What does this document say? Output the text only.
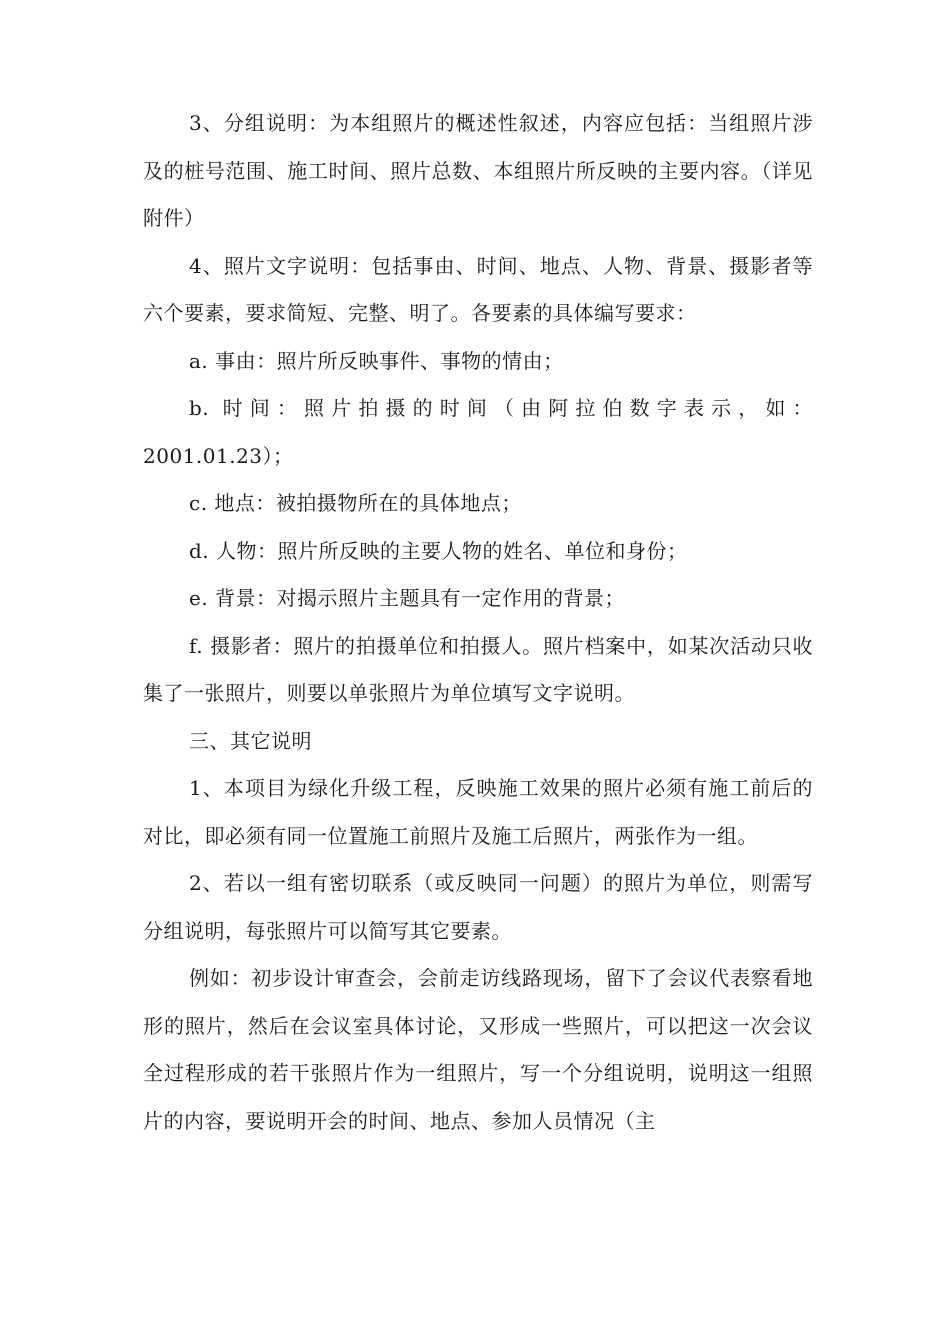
3、分组说明：为本组照片的概述性叙述，内容应包括：当组照片涉及的桩号范围、施工时间、照片总数、本组照片所反映的主要内容。（详见附件）

4、照片文字说明：包括事由、时间、地点、人物、背景、摄影者等六个要素，要求简短、完整、明了。各要素的具体编写要求：

a. 事由：照片所反映事件、事物的情由；

b. 时间：照片拍摄的时间（由阿拉伯数字表示，如：2001.01.23）；

c. 地点：被拍摄物所在的具体地点；

d. 人物：照片所反映的主要人物的姓名、单位和身份；

e. 背景：对揭示照片主题具有一定作用的背景；

f. 摄影者：照片的拍摄单位和拍摄人。照片档案中，如某次活动只收集了一张照片，则要以单张照片为单位填写文字说明。

三、其它说明

1、本项目为绿化升级工程，反映施工效果的照片必须有施工前后的对比，即必须有同一位置施工前照片及施工后照片，两张作为一组。

2、若以一组有密切联系（或反映同一问题）的照片为单位，则需写分组说明，每张照片可以简写其它要素。

例如：初步设计审查会，会前走访线路现场，留下了会议代表察看地形的照片，然后在会议室具体讨论，又形成一些照片，可以把这一次会议全过程形成的若干张照片作为一组照片，写一个分组说明，说明这一组照片的内容，要说明开会的时间、地点、参加人员情况（主
